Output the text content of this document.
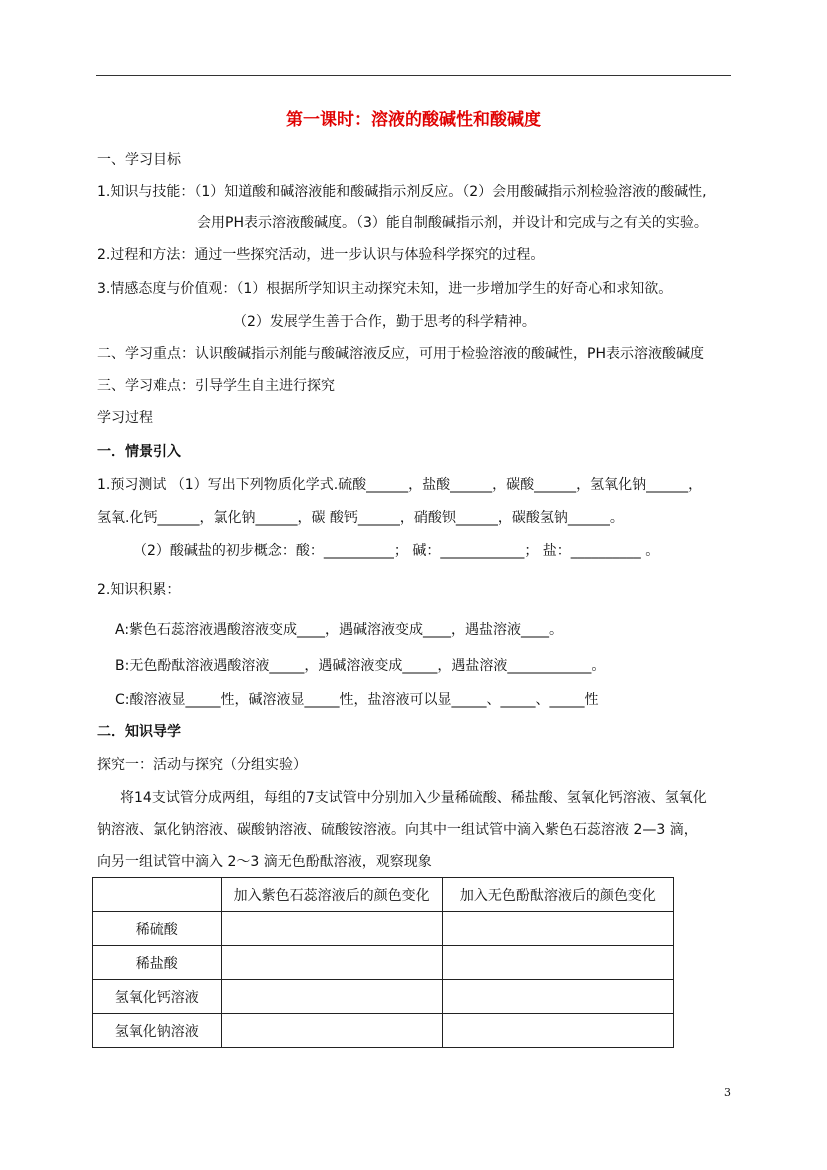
第一课时：溶液的酸碱性和酸碱度
一、学习目标
1.知识与技能：（1）知道酸和碱溶液能和酸碱指示剂反应。（2）会用酸碱指示剂检验溶液的酸碱性,
会用PH表示溶液酸碱度。（3）能自制酸碱指示剂，并设计和完成与之有关的实验。
2.过程和方法：通过一些探究活动，进一步认识与体验科学探究的过程。
3.情感态度与价值观：（1）根据所学知识主动探究未知，进一步增加学生的好奇心和求知欲。
（2）发展学生善于合作，勤于思考的科学精神。
二、学习重点：认识酸碱指示剂能与酸碱溶液反应，可用于检验溶液的酸碱性，PH表示溶液酸碱度
三、学习难点：引导学生自主进行探究
学习过程
一．情景引入
1.预习测试 （1）写出下列物质化学式.硫酸______，盐酸______，碳酸______，氢氧化钠______，
氢氧.化钙______，氯化钠______，碳 酸钙______，硝酸钡______，碳酸氢钠______。
（2）酸碱盐的初步概念：酸：__________； 碱：____________； 盐：__________ 。
2.知识积累：
A:紫色石蕊溶液遇酸溶液变成____，遇碱溶液变成____，遇盐溶液____。
B:无色酚酞溶液遇酸溶液_____，遇碱溶液变成_____，遇盐溶液____________。
C:酸溶液显_____性，碱溶液显_____性，盐溶液可以显_____、_____、_____性
二．知识导学
探究一：活动与探究（分组实验）
将14支试管分成两组，每组的7支试管中分别加入少量稀硫酸、稀盐酸、氢氧化钙溶液、氢氧化
钠溶液、氯化钠溶液、碳酸钠溶液、硫酸铵溶液。向其中一组试管中滴入紫色石蕊溶液 2—3 滴，
向另一组试管中滴入 2～3 滴无色酚酞溶液，观察现象
	加入紫色石蕊溶液后的颜色变化	加入无色酚酞溶液后的颜色变化
稀硫酸		
稀盐酸		
氢氧化钙溶液		
氢氧化钠溶液		
3
